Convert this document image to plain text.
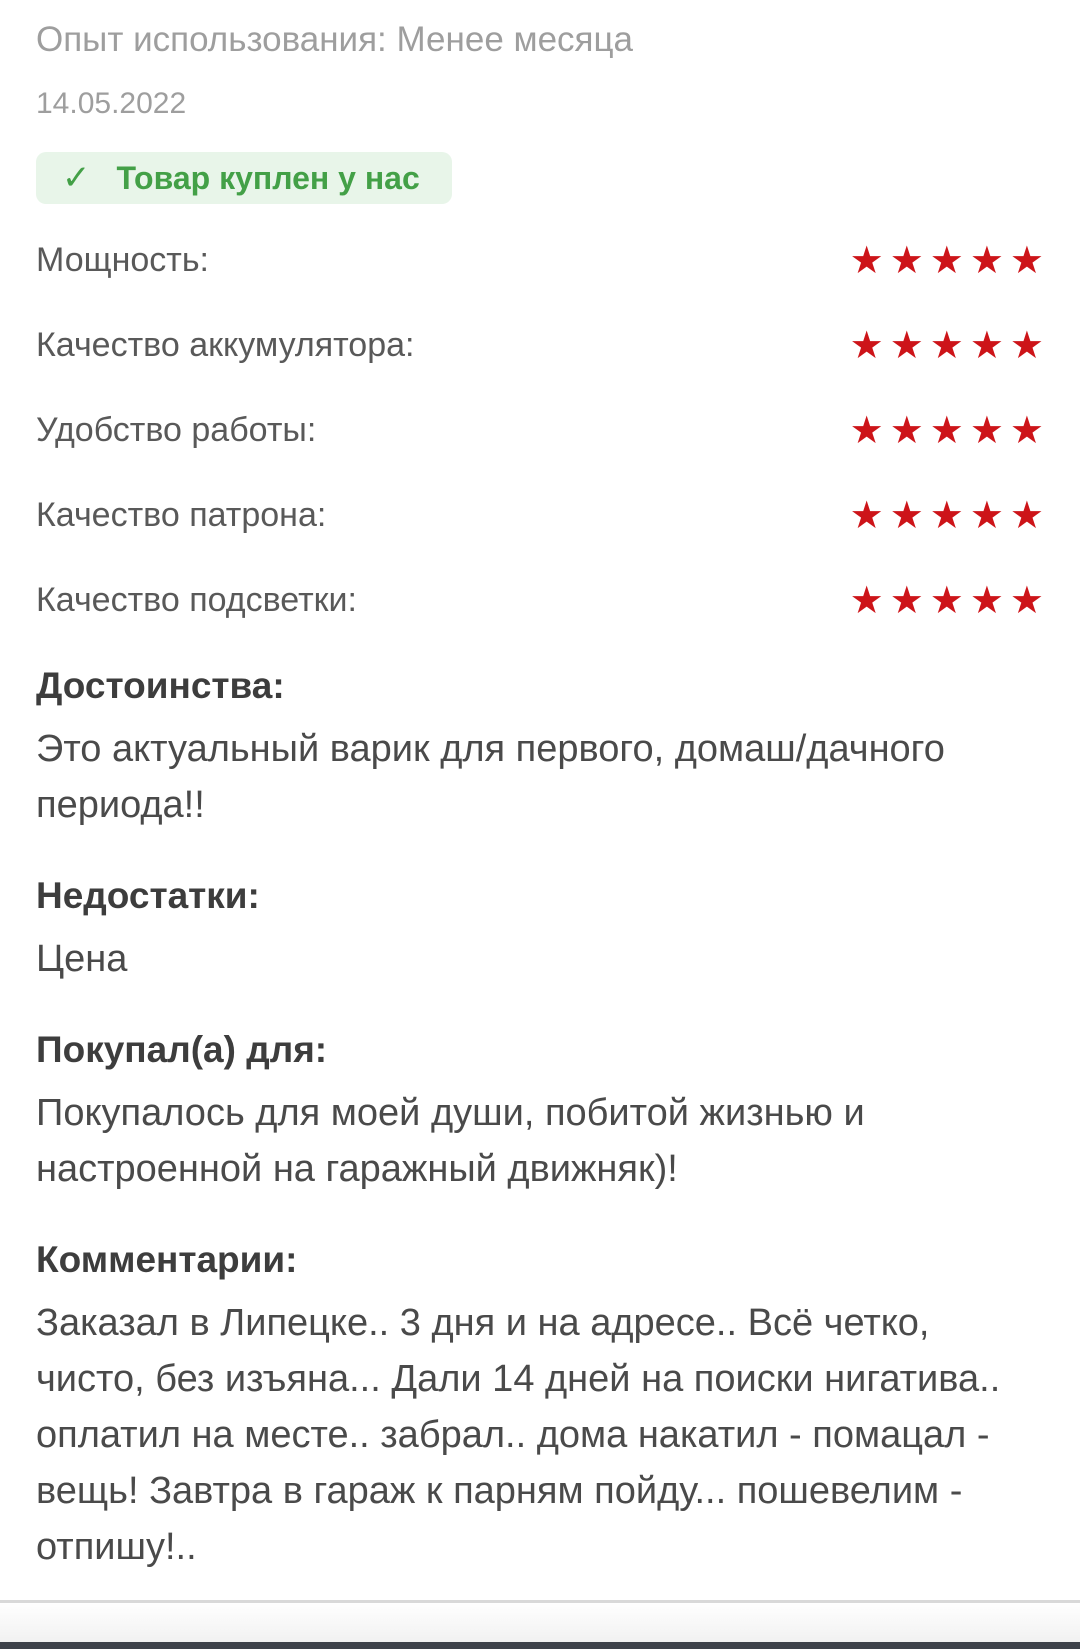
Опыт использования: Менее месяца
14.05.2022
✓ Товар куплен у нас
Мощность:	★★★★★
Качество аккумулятора:	★★★★★
Удобство работы:	★★★★★
Качество патрона:	★★★★★
Качество подсветки:	★★★★★
Достоинства:
Это актуальный варик для первого, домаш/дачного периода!!
Недостатки:
Цена
Покупал(а) для:
Покупалось для моей души, побитой жизнью и настроенной на гаражный движняк)!
Комментарии:
Заказал в Липецке.. 3 дня и на адресе.. Всё четко, чисто, без изъяна... Дали 14 дней на поиски нигатива.. оплатил на месте.. забрал.. дома накатил - помацал - вещь! Завтра в гараж к парням пойду... пошевелим - отпишу!..
